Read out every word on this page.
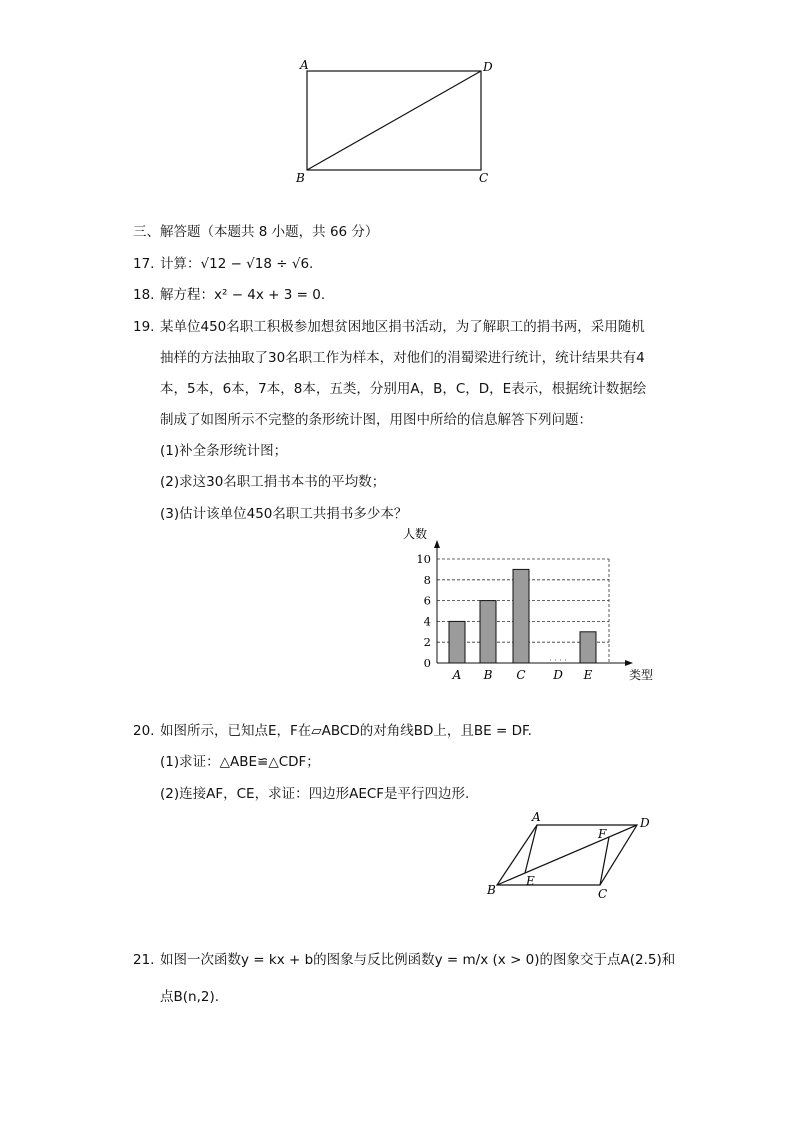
A	D
B	C
三、解答题（本题共 8 小题，共 66 分）
17. 计算：√12 − √18 ÷ √6.
18. 解方程：x² − 4x + 3 = 0.
19. 某单位450名职工积极参加想贫困地区捐书活动，为了解职工的捐书两，采用随机
抽样的方法抽取了30名职工作为样本，对他们的涓蜀梁进行统计，统计结果共有4
本，5本，6本，7本，8本，五类，分别用A，B，C，D，E表示，根据统计数据绘
制成了如图所示不完整的条形统计图，用图中所给的信息解答下列问题：
(1)补全条形统计图；
(2)求这30名职工捐书本书的平均数；
(3)估计该单位450名职工共捐书多少本？
0
2
4
6
8
10
A B C D E
人数
类型
20. 如图所示，已知点E，F在▱ABCD的对角线BD上，且BE = DF.
(1)求证：△ABE≌△CDF；
(2)连接AF，CE，求证：四边形AECF是平行四边形.
A
F
D
B
E
C
21. 如图一次函数y = kx + b的图象与反比例函数y = m/x (x > 0)的图象交于点A(2.5)和
点B(n,2).
